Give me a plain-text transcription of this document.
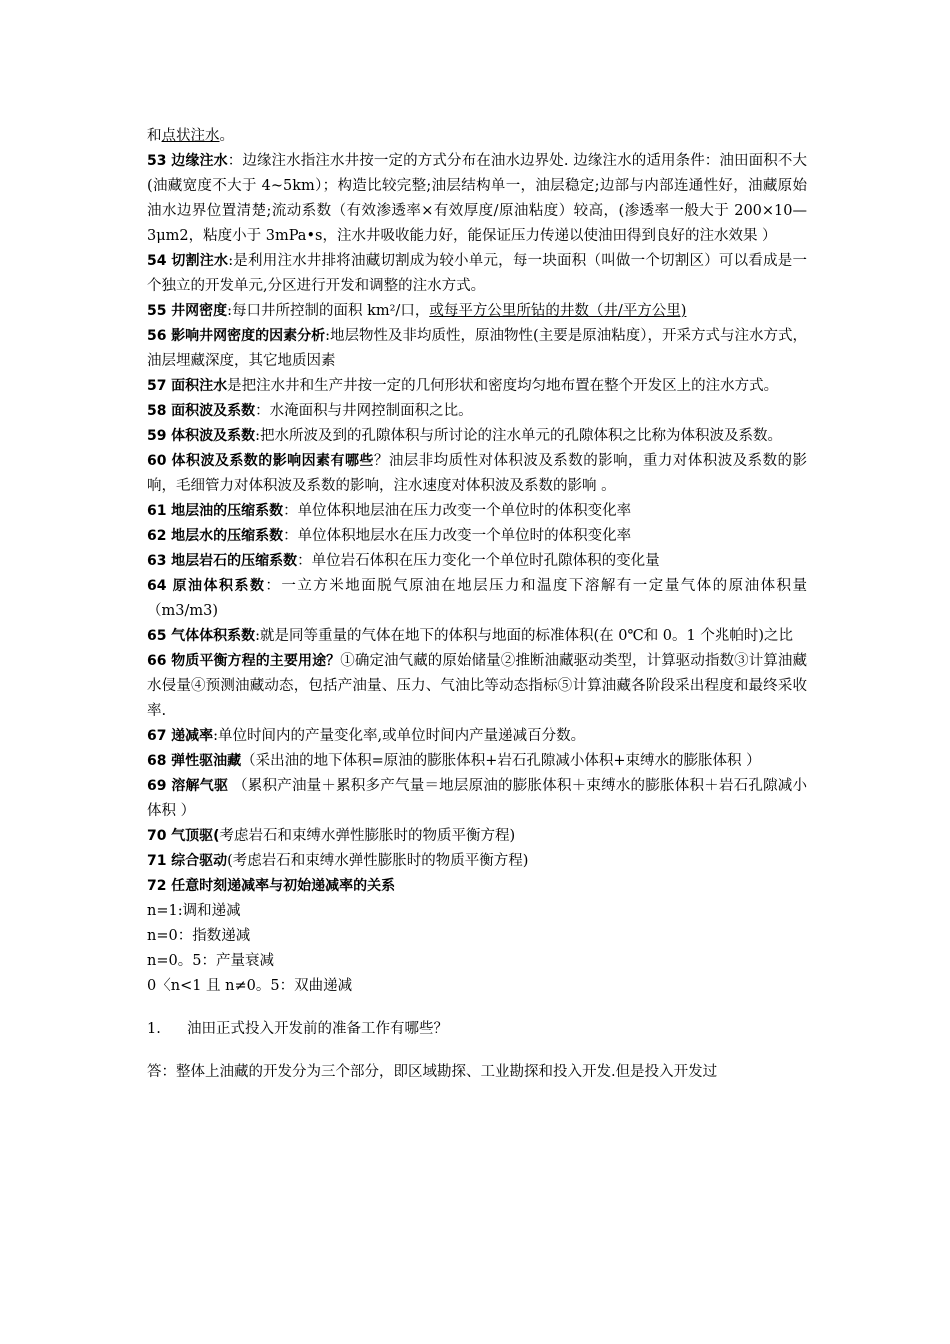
和点状注水。

53 边缘注水：边缘注水指注水井按一定的方式分布在油水边界处. 边缘注水的适用条件：油田面积不大(油藏宽度不大于 4~5km）；构造比较完整;油层结构单一，油层稳定;边部与内部连通性好，油藏原始油水边界位置清楚;流动系数（有效渗透率×有效厚度/原油粘度）较高，(渗透率一般大于 200×10—3μm2，粘度小于 3mPa•s，注水井吸收能力好，能保证压力传递以使油田得到良好的注水效果 ）

54 切割注水:是利用注水井排将油藏切割成为较小单元，每一块面积（叫做一个切割区）可以看成是一个独立的开发单元,分区进行开发和调整的注水方式。

55 井网密度:每口井所控制的面积 km²/口，或每平方公里所钻的井数（井/平方公里)

56 影响井网密度的因素分析:地层物性及非均质性，原油物性(主要是原油粘度），开采方式与注水方式，油层埋藏深度，其它地质因素

57 面积注水是把注水井和生产井按一定的几何形状和密度均匀地布置在整个开发区上的注水方式。

58 面积波及系数：水淹面积与井网控制面积之比。

59 体积波及系数:把水所波及到的孔隙体积与所讨论的注水单元的孔隙体积之比称为体积波及系数。

60 体积波及系数的影响因素有哪些？油层非均质性对体积波及系数的影响，重力对体积波及系数的影响，毛细管力对体积波及系数的影响，注水速度对体积波及系数的影响 。

61 地层油的压缩系数：单位体积地层油在压力改变一个单位时的体积变化率

62 地层水的压缩系数：单位体积地层水在压力改变一个单位时的体积变化率

63 地层岩石的压缩系数：单位岩石体积在压力变化一个单位时孔隙体积的变化量

64 原油体积系数：一立方米地面脱气原油在地层压力和温度下溶解有一定量气体的原油体积量（m3/m3)

65 气体体积系数:就是同等重量的气体在地下的体积与地面的标准体积(在 0℃和 0。1 个兆帕时)之比

66 物质平衡方程的主要用途？①确定油气藏的原始储量②推断油藏驱动类型，计算驱动指数③计算油藏水侵量④预测油藏动态，包括产油量、压力、气油比等动态指标⑤计算油藏各阶段采出程度和最终采收率.

67 递减率:单位时间内的产量变化率,或单位时间内产量递减百分数。

68 弹性驱油藏（采出油的地下体积=原油的膨胀体积+岩石孔隙减小体积+束缚水的膨胀体积 ）

69 溶解气驱 （累积产油量＋累积多产气量＝地层原油的膨胀体积＋束缚水的膨胀体积＋岩石孔隙减小体积 ）

70 气顶驱(考虑岩石和束缚水弹性膨胀时的物质平衡方程)

71 综合驱动(考虑岩石和束缚水弹性膨胀时的物质平衡方程)

72 任意时刻递减率与初始递减率的关系

n=1:调和递减

n=0：指数递减

n=0。5：产量衰减

0〈n<1 且 n≠0。5：双曲递减

1. 油田正式投入开发前的准备工作有哪些？

答：整体上油藏的开发分为三个部分，即区域勘探、工业勘探和投入开发.但是投入开发过
